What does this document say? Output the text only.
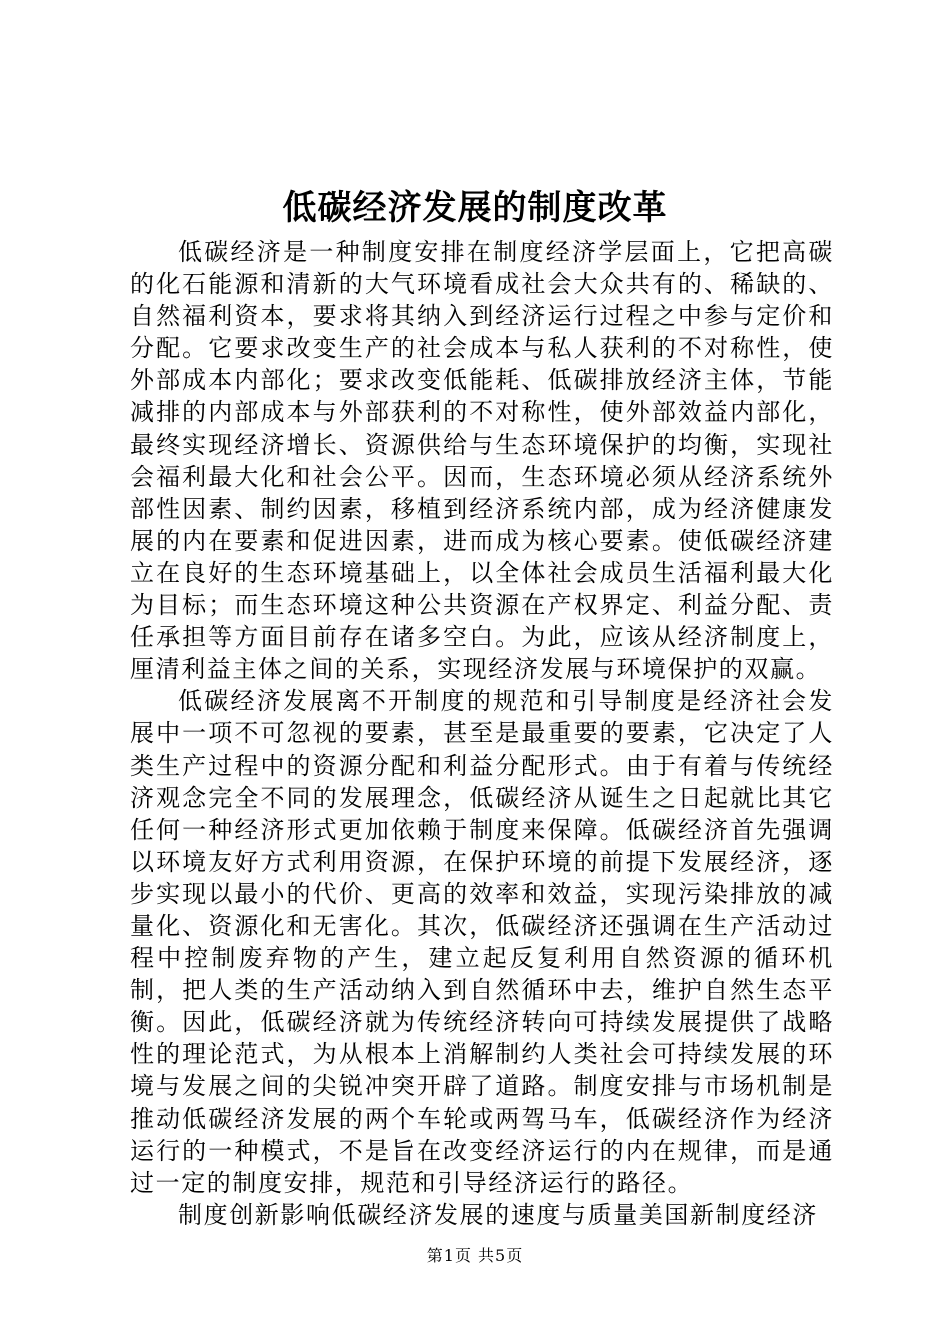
低碳经济发展的制度改革

低碳经济是一种制度安排在制度经济学层面上，它把高碳的化石能源和清新的大气环境看成社会大众共有的、稀缺的、自然福利资本，要求将其纳入到经济运行过程之中参与定价和分配。它要求改变生产的社会成本与私人获利的不对称性，使外部成本内部化；要求改变低能耗、低碳排放经济主体，节能减排的内部成本与外部获利的不对称性，使外部效益内部化，最终实现经济增长、资源供给与生态环境保护的均衡，实现社会福利最大化和社会公平。因而，生态环境必须从经济系统外部性因素、制约因素，移植到经济系统内部，成为经济健康发展的内在要素和促进因素，进而成为核心要素。使低碳经济建立在良好的生态环境基础上，以全体社会成员生活福利最大化为目标；而生态环境这种公共资源在产权界定、利益分配、责任承担等方面目前存在诸多空白。为此，应该从经济制度上，厘清利益主体之间的关系，实现经济发展与环境保护的双赢。

低碳经济发展离不开制度的规范和引导制度是经济社会发展中一项不可忽视的要素，甚至是最重要的要素，它决定了人类生产过程中的资源分配和利益分配形式。由于有着与传统经济观念完全不同的发展理念，低碳经济从诞生之日起就比其它任何一种经济形式更加依赖于制度来保障。低碳经济首先强调以环境友好方式利用资源，在保护环境的前提下发展经济，逐步实现以最小的代价、更高的效率和效益，实现污染排放的减量化、资源化和无害化。其次，低碳经济还强调在生产活动过程中控制废弃物的产生，建立起反复利用自然资源的循环机制，把人类的生产活动纳入到自然循环中去，维护自然生态平衡。因此，低碳经济就为传统经济转向可持续发展提供了战略性的理论范式，为从根本上消解制约人类社会可持续发展的环境与发展之间的尖锐冲突开辟了道路。制度安排与市场机制是推动低碳经济发展的两个车轮或两驾马车，低碳经济作为经济运行的一种模式，不是旨在改变经济运行的内在规律，而是通过一定的制度安排，规范和引导经济运行的路径。

制度创新影响低碳经济发展的速度与质量美国新制度经济

第1页 共5页
